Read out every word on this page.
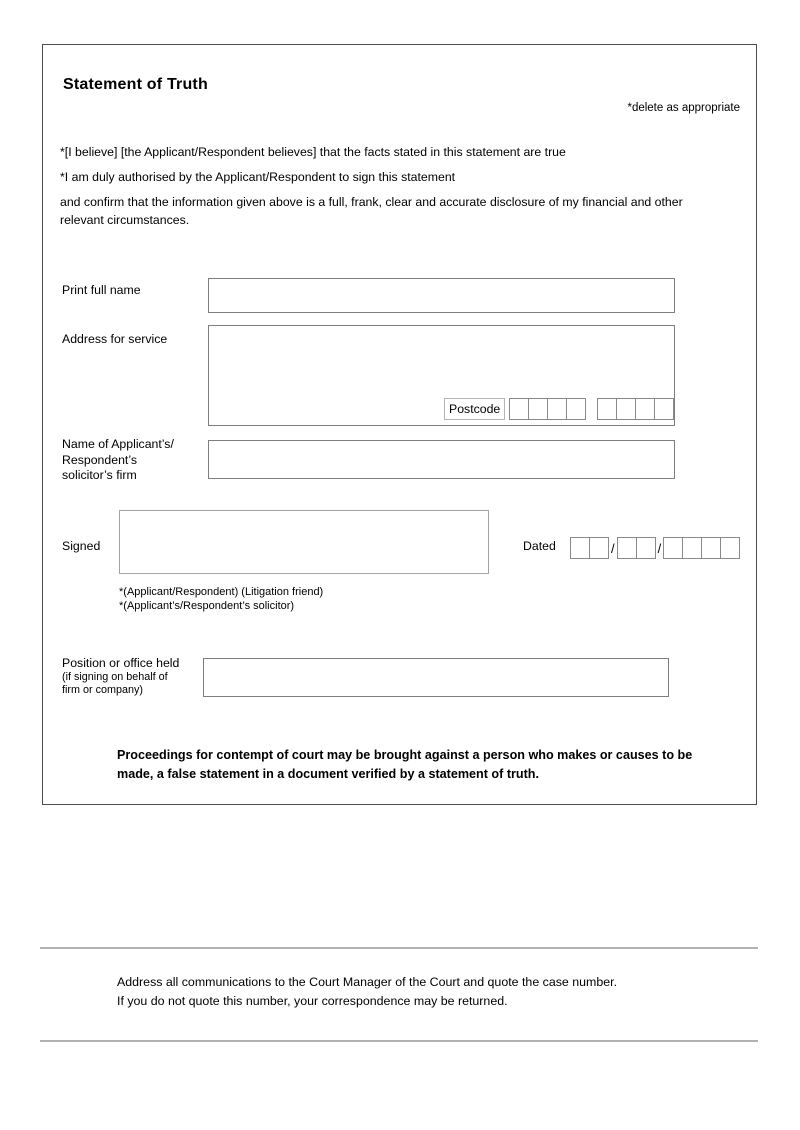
Statement of Truth
*delete as appropriate
*[I believe] [the Applicant/Respondent believes] that the facts stated in this statement are true
*I am duly authorised by the Applicant/Respondent to sign this statement
and confirm that the information given above is a full, frank, clear and accurate disclosure of my financial and other relevant circumstances.
Print full name
Address for service
Postcode
Name of Applicant’s/
Respondent’s
solicitor’s firm
Signed	Dated	/	/
*(Applicant/Respondent) (Litigation friend)
*(Applicant’s/Respondent’s solicitor)
Position or office held
(if signing on behalf of
firm or company)
Proceedings for contempt of court may be brought against a person who makes or causes to be made, a false statement in a document verified by a statement of truth.
Address all communications to the Court Manager of the Court and quote the case number.
If you do not quote this number, your correspondence may be returned.
